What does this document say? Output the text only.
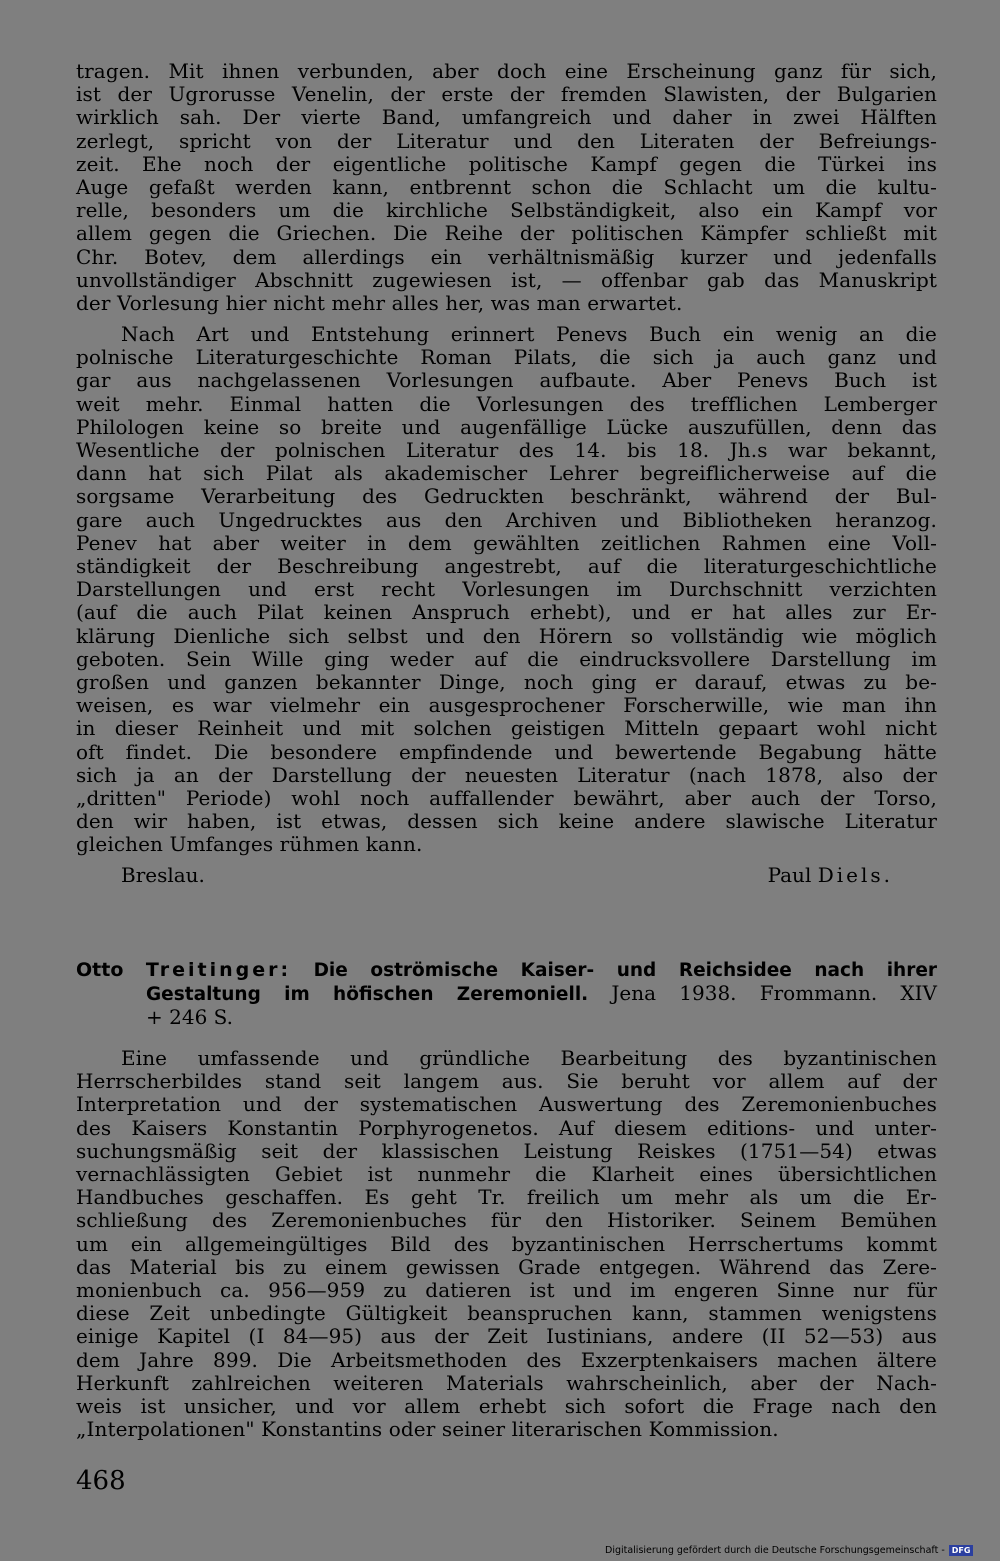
tragen. Mit ihnen verbunden, aber doch eine Erscheinung ganz für sich,
ist der Ugrorusse Venelin, der erste der fremden Slawisten, der Bulgarien
wirklich sah. Der vierte Band, umfangreich und daher in zwei Hälften
zerlegt, spricht von der Literatur und den Literaten der Befreiungs-
zeit. Ehe noch der eigentliche politische Kampf gegen die Türkei ins
Auge gefaßt werden kann, entbrennt schon die Schlacht um die kultu-
relle, besonders um die kirchliche Selbständigkeit, also ein Kampf vor
allem gegen die Griechen. Die Reihe der politischen Kämpfer schließt mit
Chr. Botev, dem allerdings ein verhältnismäßig kurzer und jedenfalls
unvollständiger Abschnitt zugewiesen ist, — offenbar gab das Manuskript
der Vorlesung hier nicht mehr alles her, was man erwartet.
Nach Art und Entstehung erinnert Penevs Buch ein wenig an die
polnische Literaturgeschichte Roman Pilats, die sich ja auch ganz und
gar aus nachgelassenen Vorlesungen aufbaute. Aber Penevs Buch ist
weit mehr. Einmal hatten die Vorlesungen des trefflichen Lemberger
Philologen keine so breite und augenfällige Lücke auszufüllen, denn das
Wesentliche der polnischen Literatur des 14. bis 18. Jh.s war bekannt,
dann hat sich Pilat als akademischer Lehrer begreiflicherweise auf die
sorgsame Verarbeitung des Gedruckten beschränkt, während der Bul-
gare auch Ungedrucktes aus den Archiven und Bibliotheken heranzog.
Penev hat aber weiter in dem gewählten zeitlichen Rahmen eine Voll-
ständigkeit der Beschreibung angestrebt, auf die literaturgeschichtliche
Darstellungen und erst recht Vorlesungen im Durchschnitt verzichten
(auf die auch Pilat keinen Anspruch erhebt), und er hat alles zur Er-
klärung Dienliche sich selbst und den Hörern so vollständig wie möglich
geboten. Sein Wille ging weder auf die eindrucksvollere Darstellung im
großen und ganzen bekannter Dinge, noch ging er darauf, etwas zu be-
weisen, es war vielmehr ein ausgesprochener Forscherwille, wie man ihn
in dieser Reinheit und mit solchen geistigen Mitteln gepaart wohl nicht
oft findet. Die besondere empfindende und bewertende Begabung hätte
sich ja an der Darstellung der neuesten Literatur (nach 1878, also der
„dritten" Periode) wohl noch auffallender bewährt, aber auch der Torso,
den wir haben, ist etwas, dessen sich keine andere slawische Literatur
gleichen Umfanges rühmen kann.
Breslau.	Paul Diels.
Otto Treitinger: Die oströmische Kaiser- und Reichsidee nach ihrer
Gestaltung im höfischen Zeremoniell. Jena 1938. Frommann. XIV
+ 246 S.
Eine umfassende und gründliche Bearbeitung des byzantinischen
Herrscherbildes stand seit langem aus. Sie beruht vor allem auf der
Interpretation und der systematischen Auswertung des Zeremonienbuches
des Kaisers Konstantin Porphyrogenetos. Auf diesem editions- und unter-
suchungsmäßig seit der klassischen Leistung Reiskes (1751—54) etwas
vernachlässigten Gebiet ist nunmehr die Klarheit eines übersichtlichen
Handbuches geschaffen. Es geht Tr. freilich um mehr als um die Er-
schließung des Zeremonienbuches für den Historiker. Seinem Bemühen
um ein allgemeingültiges Bild des byzantinischen Herrschertums kommt
das Material bis zu einem gewissen Grade entgegen. Während das Zere-
monienbuch ca. 956—959 zu datieren ist und im engeren Sinne nur für
diese Zeit unbedingte Gültigkeit beanspruchen kann, stammen wenigstens
einige Kapitel (I 84—95) aus der Zeit Iustinians, andere (II 52—53) aus
dem Jahre 899. Die Arbeitsmethoden des Exzerptenkaisers machen ältere
Herkunft zahlreichen weiteren Materials wahrscheinlich, aber der Nach-
weis ist unsicher, und vor allem erhebt sich sofort die Frage nach den
„Interpolationen" Konstantins oder seiner literarischen Kommission.
468
Digitalisierung gefördert durch die Deutsche Forschungsgemeinschaft - DFG
